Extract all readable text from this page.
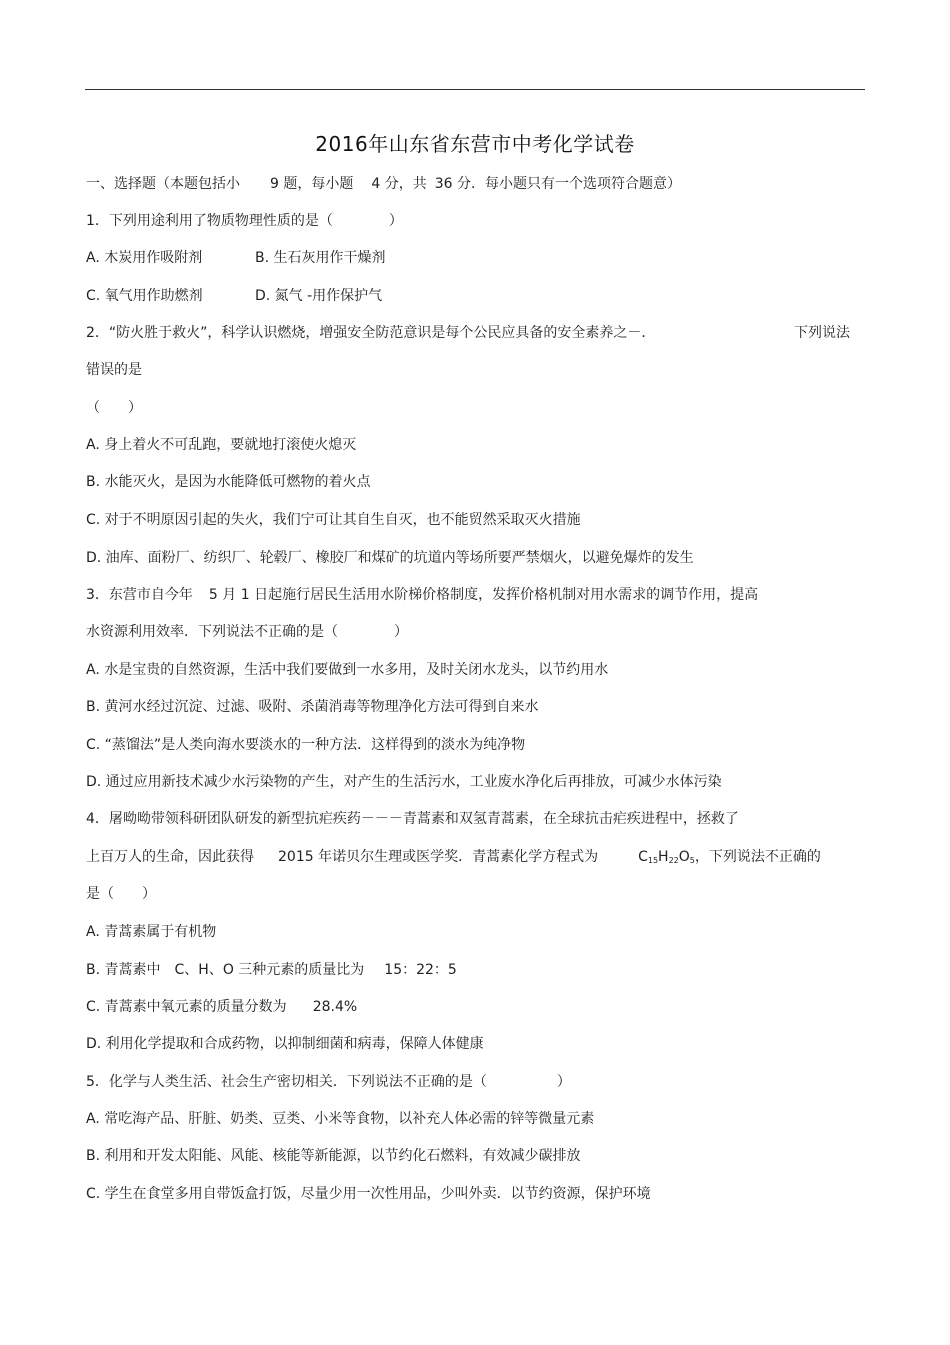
2016年山东省东营市中考化学试卷
一、选择题（本题包括小 9 题，每小题 4 分，共 36 分．每小题只有一个选项符合题意）
1．下列用途利用了物质物理性质的是（　　　　）
A. 木炭用作吸附剂	B. 生石灰用作干燥剂
C. 氧气用作助燃剂	D. 氮气 -用作保护气
2．“防火胜于救火”，科学认识燃烧，增强安全防范意识是每个公民应具备的安全素养之－．	下列说法
错误的是
（　　）
A. 身上着火不可乱跑，要就地打滚使火熄灭
B. 水能灭火，是因为水能降低可燃物的着火点
C. 对于不明原因引起的失火，我们宁可让其自生自灭，也不能贸然采取灭火措施
D. 油库、面粉厂、纺织厂、轮毂厂、橡胶厂和煤矿的坑道内等场所要严禁烟火，以避免爆炸的发生
3．东营市自今年 5 月 1 日起施行居民生活用水阶梯价格制度，发挥价格机制对用水需求的调节作用，提高
水资源利用效率．下列说法不正确的是（　　　　）
A. 水是宝贵的自然资源，生活中我们要做到一水多用，及时关闭水龙头，以节约用水
B. 黄河水经过沉淀、过滤、吸附、杀菌消毒等物理净化方法可得到自来水
C. “蒸馏法”是人类向海水要淡水的一种方法．这样得到的淡水为纯净物
D. 通过应用新技术减少水污染物的产生，对产生的生活污水，工业废水净化后再排放，可减少水体污染
4．屠呦呦带领科研团队研发的新型抗疟疾药－－－青蒿素和双氢青蒿素，在全球抗击疟疾进程中，拯救了
上百万人的生命，因此获得 2015 年诺贝尔生理或医学奖．青蒿素化学方程式为	$C_{15}H_{22}O_5$，下列说法不正确的
是（　　）
A. 青蒿素属于有机物
B. 青蒿素中 C、H、O 三种元素的质量比为 15：22：5
C. 青蒿素中氧元素的质量分数为 28.4%
D. 利用化学提取和合成药物，以抑制细菌和病毒，保障人体健康
5．化学与人类生活、社会生产密切相关．下列说法不正确的是（　　　　　）
A. 常吃海产品、肝脏、奶类、豆类、小米等食物，以补充人体必需的锌等微量元素
B. 利用和开发太阳能、风能、核能等新能源，以节约化石燃料，有效减少碳排放
C. 学生在食堂多用自带饭盒打饭，尽量少用一次性用品，少叫外卖．以节约资源，保护环境
